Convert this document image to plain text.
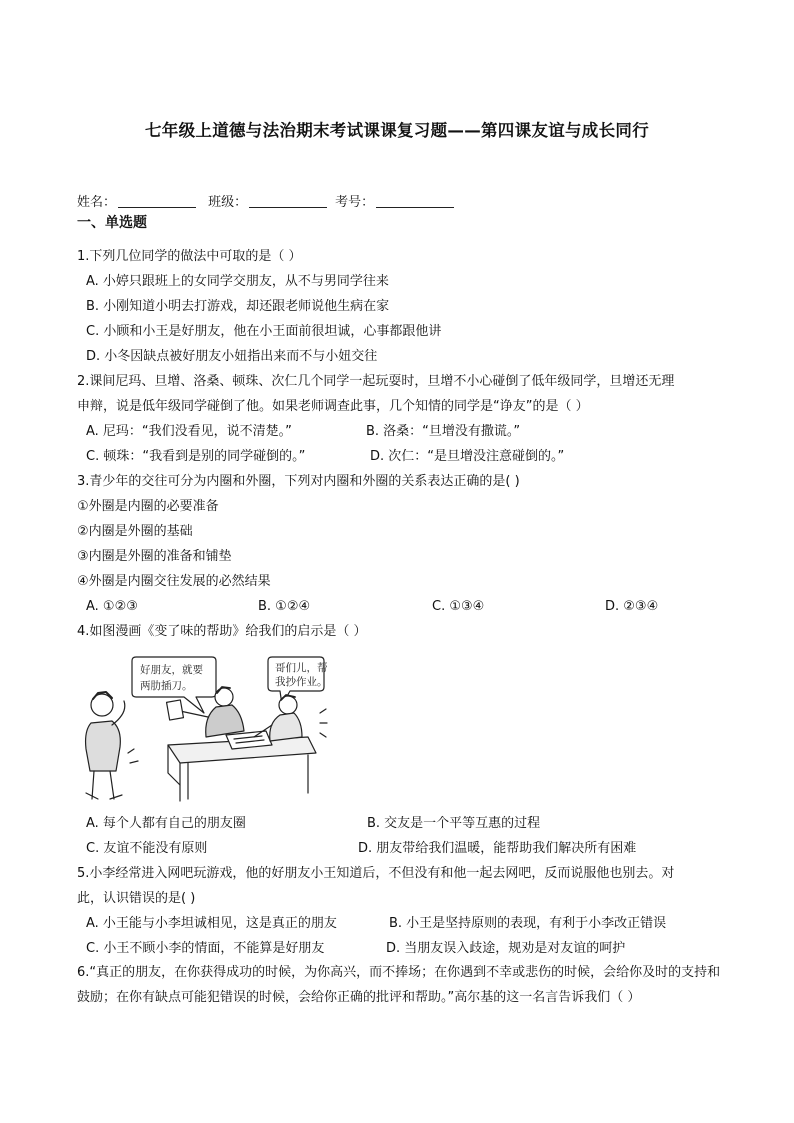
七年级上道德与法治期末考试课课复习题——第四课友谊与成长同行
姓名：	班级：	考号：
一、单选题
1.下列几位同学的做法中可取的是（ ）
A. 小婷只跟班上的女同学交朋友，从不与男同学往来
B. 小刚知道小明去打游戏，却还跟老师说他生病在家
C. 小顾和小王是好朋友，他在小王面前很坦诚，心事都跟他讲
D. 小冬因缺点被好朋友小妞指出来而不与小妞交往
2.课间尼玛、旦增、洛桑、顿珠、次仁几个同学一起玩耍时，旦增不小心碰倒了低年级同学，旦增还无理
申辩，说是低年级同学碰倒了他。如果老师调查此事，几个知情的同学是“诤友”的是（ ）
A. 尼玛：“我们没看见，说不清楚。”	B. 洛桑：“旦增没有撒谎。”
C. 顿珠：“我看到是别的同学碰倒的。”	D. 次仁：“是旦增没注意碰倒的。”
3.青少年的交往可分为内圈和外圈，下列对内圈和外圈的关系表达正确的是( )
①外圈是内圈的必要准备
②内圈是外圈的基础
③内圈是外圈的准备和铺垫
④外圈是内圈交往发展的必然结果
A. ①②③	B. ①②④	C. ①③④	D. ②③④
4.如图漫画《变了味的帮助》给我们的启示是（ ）
好朋友，就要
两肋插刀。
哥们儿，帮
我抄作业。
A. 每个人都有自己的朋友圈	B. 交友是一个平等互惠的过程
C. 友谊不能没有原则	D. 朋友带给我们温暖，能帮助我们解决所有困难
5.小李经常进入网吧玩游戏，他的好朋友小王知道后，不但没有和他一起去网吧，反而说服他也别去。对
此，认识错误的是( )
A. 小王能与小李坦诚相见，这是真正的朋友	B. 小王是坚持原则的表现，有利于小李改正错误
C. 小王不顾小李的情面，不能算是好朋友	D. 当朋友误入歧途，规劝是对友谊的呵护
6.“真正的朋友，在你获得成功的时候，为你高兴，而不捧场；在你遇到不幸或悲伤的时候，会给你及时的支持和鼓励；在你有缺点可能犯错误的时候，会给你正确的批评和帮助。”高尔基的这一名言告诉我们（ ）
